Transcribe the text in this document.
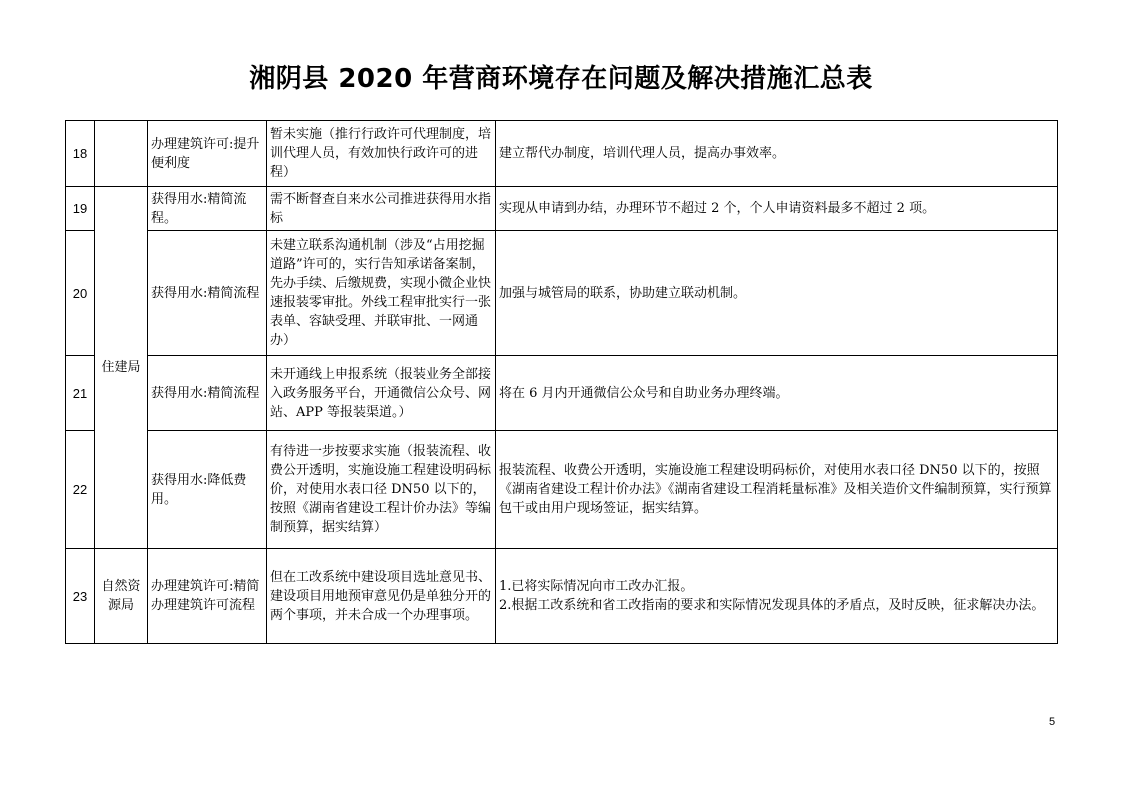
湘阴县 2020 年营商环境存在问题及解决措施汇总表
18		办理建筑许可:提升便利度	暂未实施（推行行政许可代理制度，培训代理人员，有效加快行政许可的进程）	建立帮代办制度，培训代理人员，提高办事效率。

19	住建局	获得用水:精简流程。	需不断督查自来水公司推进获得用水指标	实现从申请到办结，办理环节不超过 2 个，个人申请资料最多不超过 2 项。

20		获得用水:精简流程	未建立联系沟通机制（涉及“占用挖掘道路”许可的，实行告知承诺备案制，先办手续、后缴规费，实现小微企业快速报装零审批。外线工程审批实行一张表单、容缺受理、并联审批、一网通办）	加强与城管局的联系，协助建立联动机制。

21		获得用水:精简流程	未开通线上申报系统（报装业务全部接入政务服务平台，开通微信公众号、网站、APP 等报装渠道。）	将在 6 月内开通微信公众号和自助业务办理终端。

22		获得用水:降低费用。	有待进一步按要求实施（报装流程、收费公开透明，实施设施工程建设明码标价，对使用水表口径 DN50 以下的，按照《湖南省建设工程计价办法》等编制预算，据实结算）	报装流程、收费公开透明，实施设施工程建设明码标价，对使用水表口径 DN50 以下的，按照《湖南省建设工程计价办法》《湖南省建设工程消耗量标准》及相关造价文件编制预算，实行预算包干或由用户现场签证，据实结算。

23	自然资源局	办理建筑许可:精简办理建筑许可流程	但在工改系统中建设项目选址意见书、建设项目用地预审意见仍是单独分开的两个事项，并未合成一个办理事项。	1.已将实际情况向市工改办汇报。
2.根据工改系统和省工改指南的要求和实际情况发现具体的矛盾点，及时反映，征求解决办法。
5
